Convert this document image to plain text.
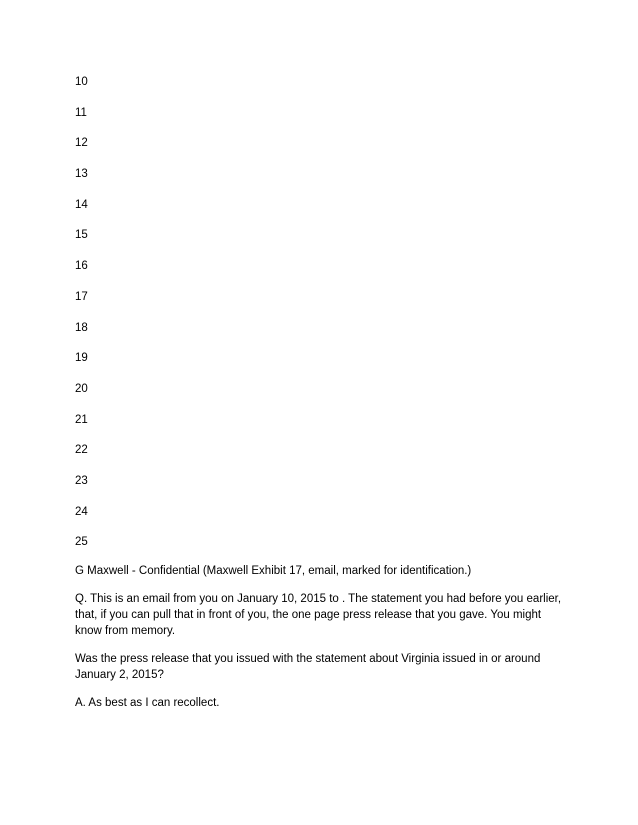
10
11
12
13
14
15
16
17
18
19
20
21
22
23
24
25

G Maxwell - Confidential (Maxwell Exhibit 17, email, marked for identification.)

Q. This is an email from you on January 10, 2015 to . The statement you had before you earlier, that, if you can pull that in front of you, the one page press release that you gave. You might know from memory.

Was the press release that you issued with the statement about Virginia issued in or around January 2, 2015?

A. As best as I can recollect.
